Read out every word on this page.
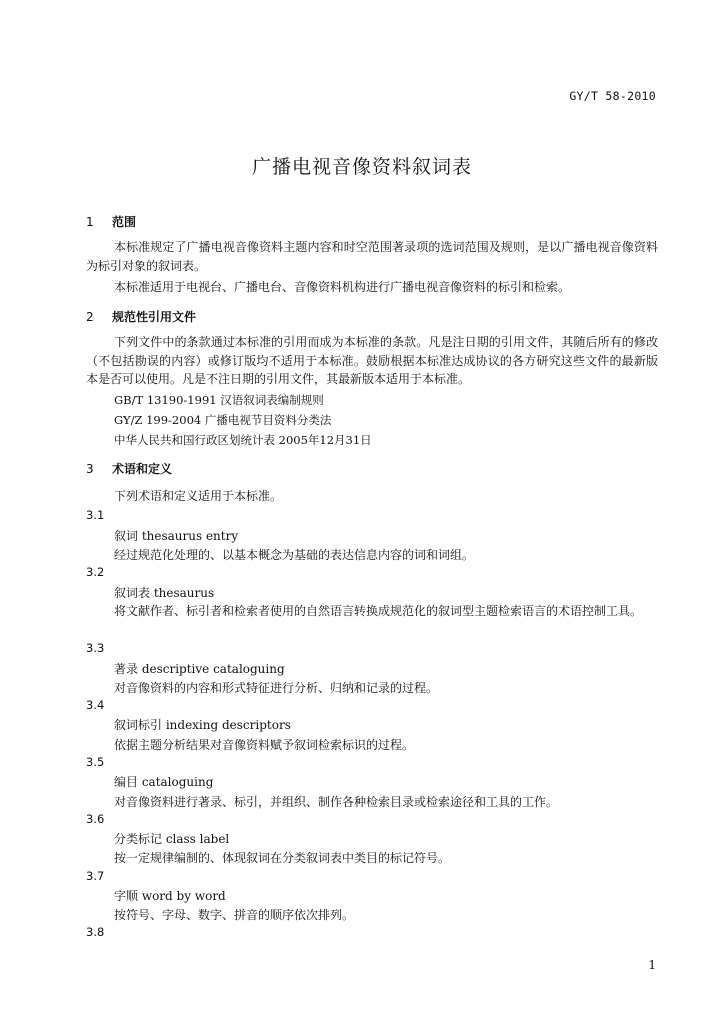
GY/T 58-2010
广播电视音像资料叙词表
1 范围
本标准规定了广播电视音像资料主题内容和时空范围著录项的选词范围及规则，是以广播电视音像资料为标引对象的叙词表。
本标准适用于电视台、广播电台、音像资料机构进行广播电视音像资料的标引和检索。
2 规范性引用文件
下列文件中的条款通过本标准的引用而成为本标准的条款。凡是注日期的引用文件，其随后所有的修改（不包括勘误的内容）或修订版均不适用于本标准。鼓励根据本标准达成协议的各方研究这些文件的最新版本是否可以使用。凡是不注日期的引用文件，其最新版本适用于本标准。
GB/T 13190-1991 汉语叙词表编制规则
GY/Z 199-2004 广播电视节目资料分类法
中华人民共和国行政区划统计表 2005年12月31日
3 术语和定义
下列术语和定义适用于本标准。
3.1
叙词 thesaurus entry
经过规范化处理的、以基本概念为基础的表达信息内容的词和词组。
3.2
叙词表 thesaurus
将文献作者、标引者和检索者使用的自然语言转换成规范化的叙词型主题检索语言的术语控制工具。
3.3
著录 descriptive cataloguing
对音像资料的内容和形式特征进行分析、归纳和记录的过程。
3.4
叙词标引 indexing descriptors
依据主题分析结果对音像资料赋予叙词检索标识的过程。
3.5
编目 cataloguing
对音像资料进行著录、标引，并组织、制作各种检索目录或检索途径和工具的工作。
3.6
分类标记 class label
按一定规律编制的、体现叙词在分类叙词表中类目的标记符号。
3.7
字顺 word by word
按符号、字母、数字、拼音的顺序依次排列。
3.8
1
